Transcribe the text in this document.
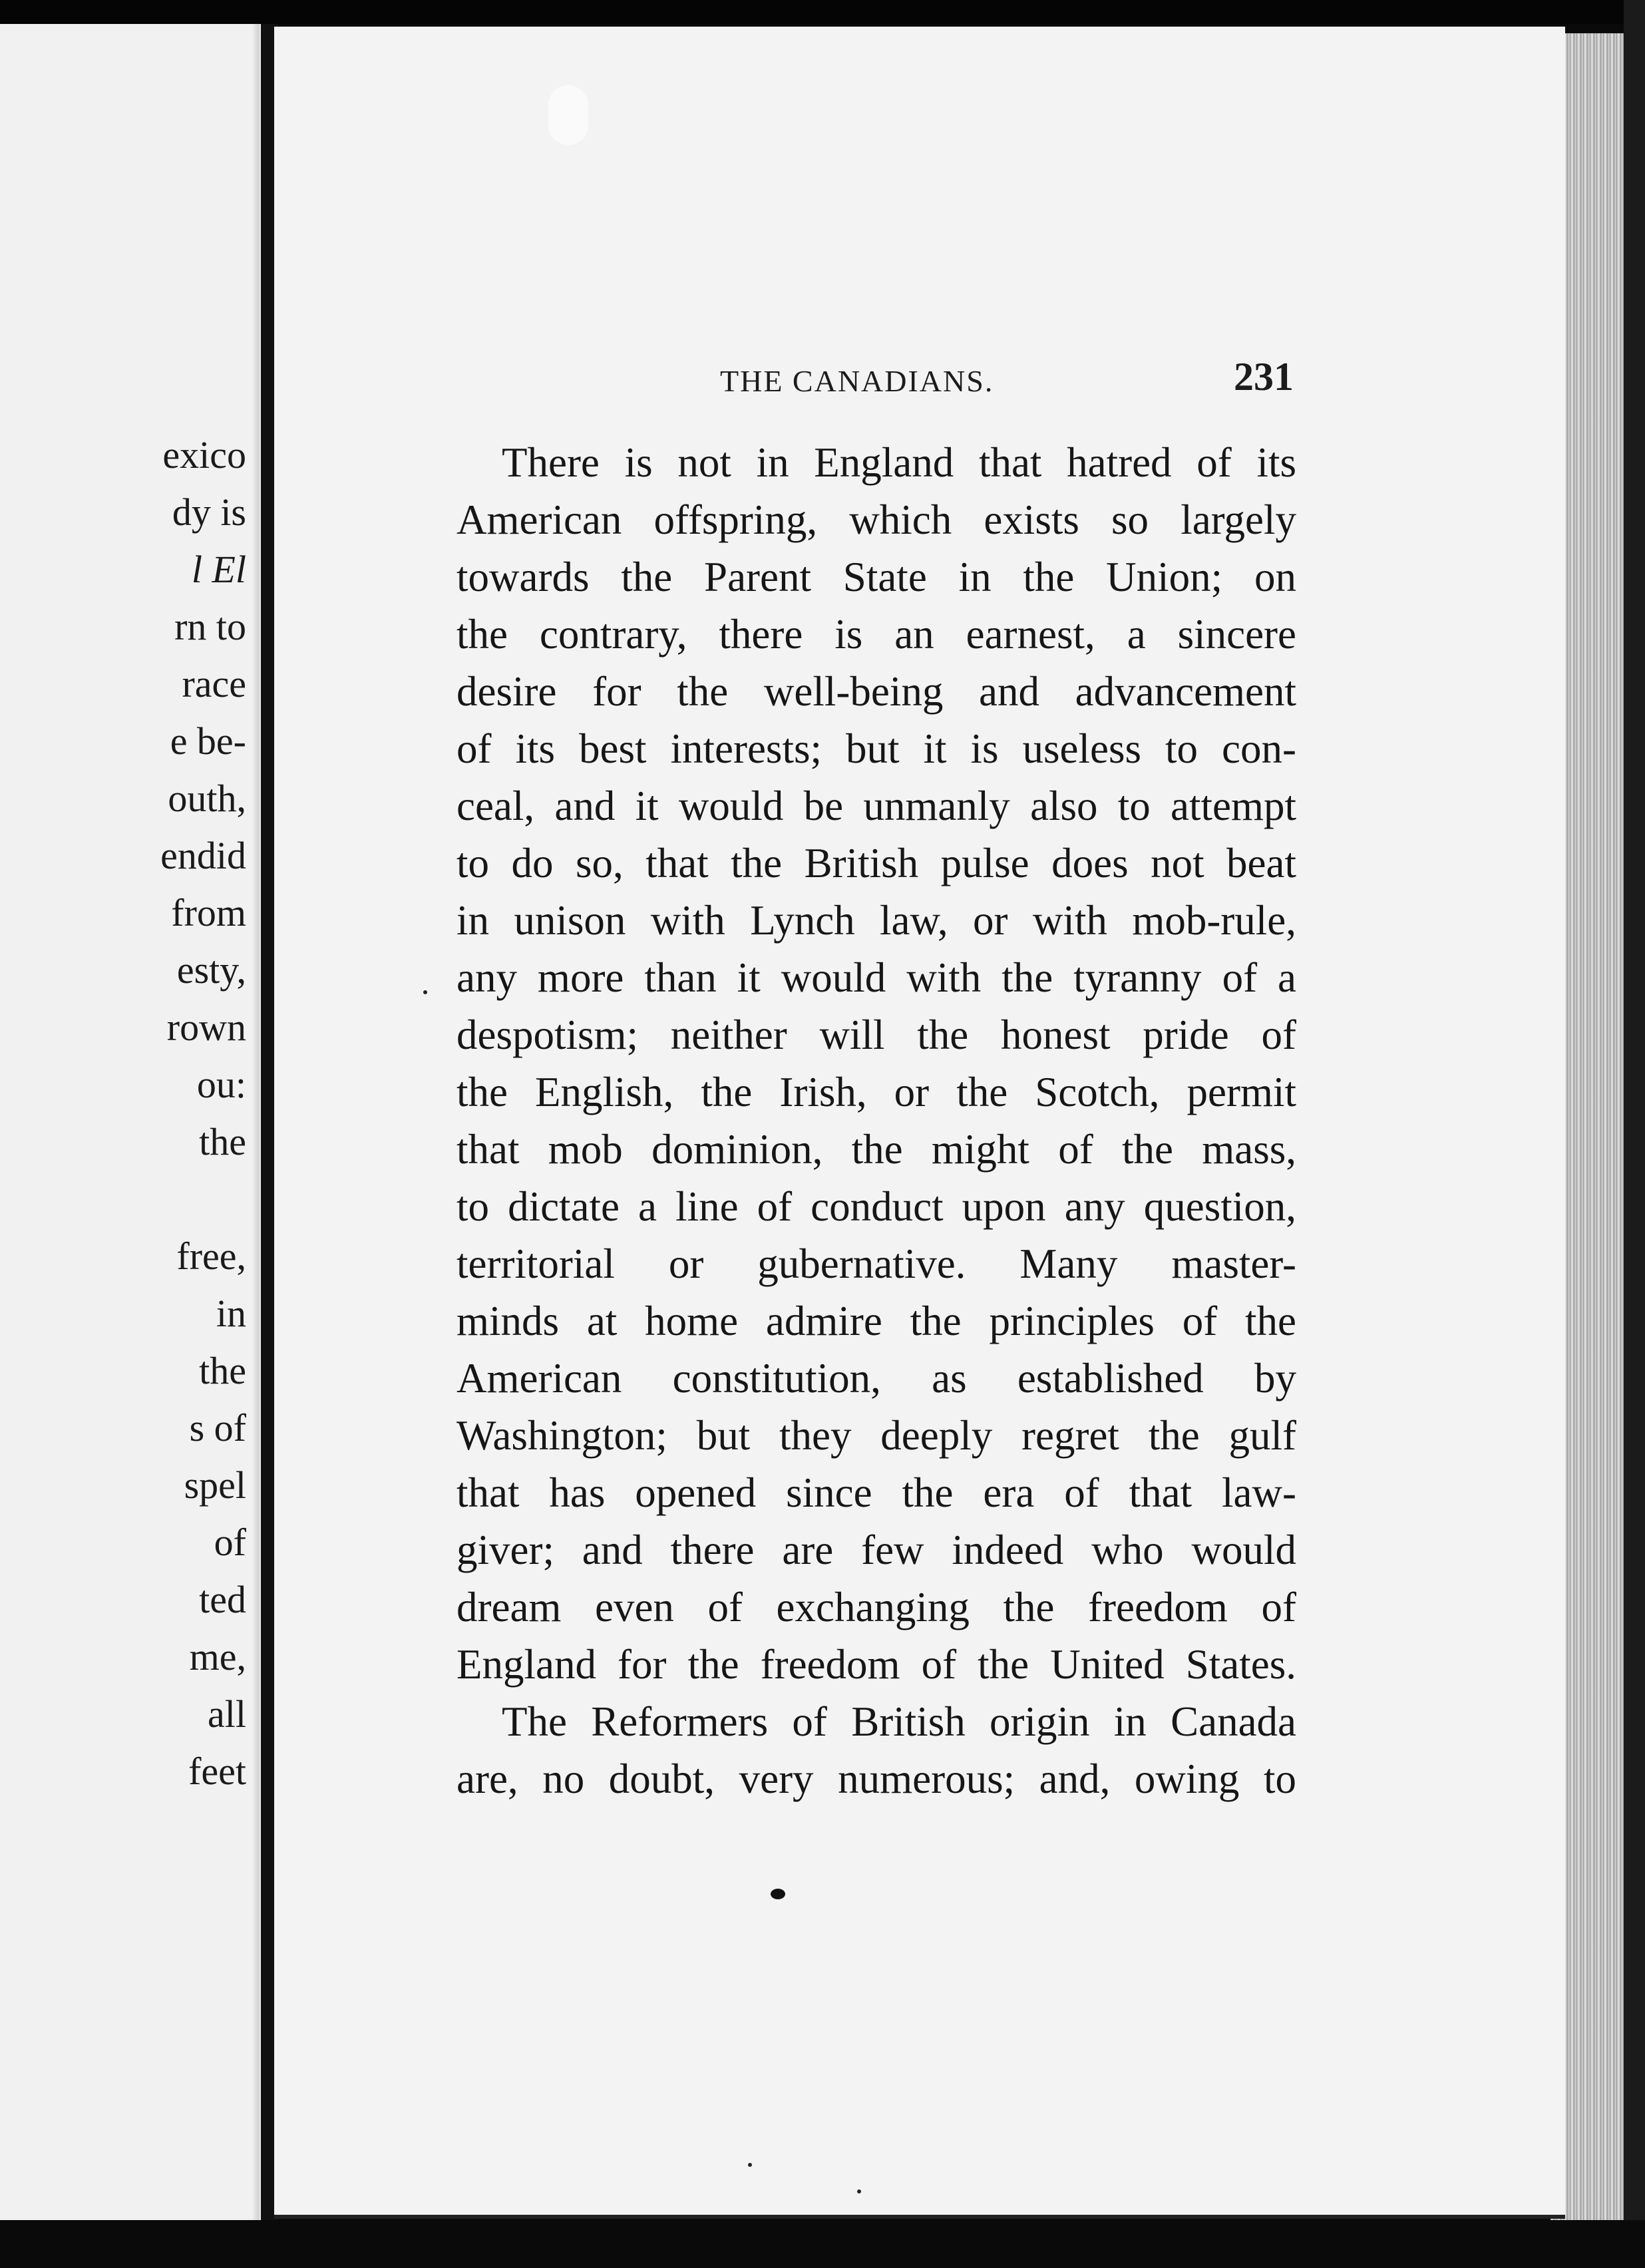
exico
dy is
l El
rn to
race
e be-
outh,
endid
from
esty,
rown
ou:
the
free,
in
the
s of
spel
of
ted
me,
all
feet
THE CANADIANS.	231
There is not in England that hatred of its
American offspring, which exists so largely
towards the Parent State in the Union; on
the contrary, there is an earnest, a sincere
desire for the well-being and advancement
of its best interests; but it is useless to con-
ceal, and it would be unmanly also to attempt
to do so, that the British pulse does not beat
in unison with Lynch law, or with mob-rule,
any more than it would with the tyranny of a
despotism; neither will the honest pride of
the English, the Irish, or the Scotch, permit
that mob dominion, the might of the mass,
to dictate a line of conduct upon any question,
territorial or gubernative. Many master-
minds at home admire the principles of the
American constitution, as established by
Washington; but they deeply regret the gulf
that has opened since the era of that law-
giver; and there are few indeed who would
dream even of exchanging the freedom of
England for the freedom of the United States.
The Reformers of British origin in Canada
are, no doubt, very numerous; and, owing to
